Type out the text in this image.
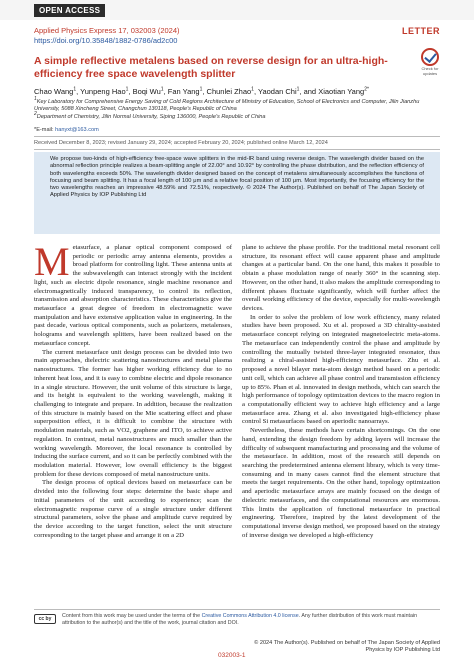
OPEN ACCESS
Applied Physics Express 17, 032003 (2024)
https://doi.org/10.35848/1882-0786/ad2c00
LETTER
Check for updates
A simple reflective metalens based on reverse design for an ultra-high-efficiency free space wavelength splitter
Chao Wang$^1$, Yunpeng Hao$^1$, Boqi Wu$^1$, Fan Yang$^1$, Chunlei Zhao$^1$, Yaodan Chi$^1$, and Xiaotian Yang$^{2*}$
$^1$Key Laboratory for Comprehensive Energy Saving of Cold Regions Architecture of Ministry of Education, School of Electronics and Computer, Jilin Jianzhu University, 5088 Xincheng Street, Changchun 130118, People's Republic of China
$^2$Department of Chemistry, Jilin Normal University, Siping 136000, People's Republic of China
*E-mail: hanyxt@163.com
Received December 8, 2023; revised January 29, 2024; accepted February 20, 2024; published online March 12, 2024

We propose two-kinds of high-efficiency free-space wave splitters in the mid-IR band using reverse design. The wavelength divider based on the abnormal reflection principle realizes a beam-splitting angle of 22.00° and 10.92° by controlling the phase distribution, and the reflection efficiency of both wavelengths exceeds 50%. The wavelength divider designed based on the concept of metalens simultaneously accomplishes the functions of focusing and beam splitting. It has a focal length of 100 μm and a relative focal position of 100 μm. Most importantly, the focusing efficiency for the two wavelengths reaches an impressive 48.59% and 72.51%, respectively. © 2024 The Author(s). Published on behalf of The Japan Society of Applied Physics by IOP Publishing Ltd

Metasurface, a planar optical component composed of periodic or periodic array antenna elements, provides a broad platform for controlling light. These antenna units at the subwavelength can interact strongly with the incident light, such as electric dipole resonance, single machine resonance and electromagnetically induced transparency, to control its reflection, transmission and absorption characteristics. These characteristics give the metasurface a great degree of freedom in electromagnetic wave manipulation and have extensive application value in engineering. In the past decade, various optical components, such as polarizers, metalenses, holograms and wavelength splitters, have been realized based on the metasurface concept.

The current metasurface unit design process can be divided into two main approaches, dielectric scattering nanostructures and metal plasma nanostructures. The former has higher working efficiency due to no inherent heat loss, and it is easy to combine electric and dipole resonance in a single structure. However, the unit volume of this structure is large, and its height is equivalent to the working wavelength, making it challenging to integrate and prepare. In addition, because the realization of this structure is mainly based on the Mie scattering effect and phase superposition effect, it is difficult to combine the structure with modulation materials, such as VO2, graphene and ITO, to achieve active regulation. In contrast, metal nanostructures are much smaller than the working wavelength. Moreover, the local resonance is controlled by inducing the surface current, and so it can be perfectly combined with the modulation material. However, low overall efficiency is the biggest problem for these devices composed of metal nanostructure units.

The design process of optical devices based on metasurface can be divided into the following four steps: determine the basic shape and initial parameters of the unit according to experience; scan the electromagnetic response curve of a single structure under different structural parameters, solve the phase and amplitude curve required by the device according to the target function, select the unit structure corresponding to the target phase and arrange it on a 2D

plane to achieve the phase profile. For the traditional metal resonant cell structure, its resonant effect will cause apparent phase and amplitude changes at a particular band. On the one hand, this makes it possible to obtain a phase modulation range of nearly 360° in the scanning step. However, on the other hand, it also makes the amplitude corresponding to different phases fluctuate significantly, which will further affect the overall working efficiency of the device, especially for multi-wavelength devices.

In order to solve the problem of low work efficiency, many related studies have been proposed. Xu et al. proposed a 3D chirality-assisted metasurface concept relying on integrated magnetoelectric meta-atoms. The metasurface can independently control the phase and amplitude by controlling the mutually twisted three-layer integrated resonator, thus realizing a chiral-assisted high-efficiency metasurface. Zhu et al. proposed a novel bilayer meta-atom design method based on a periodic unit cell, which can achieve all phase control and transmission efficiency up to 85%. Phan et al. innovated in design methods, which can search the high performance of topology optimization devices to the macro region in a computationally efficient way to achieve high efficiency and a large metasurface area. Zhang et al. also investigated high-efficiency phase control Si metasurfaces based on aperiodic nanoarrays.

Nevertheless, these methods have certain shortcomings. On the one hand, extending the design freedom by adding layers will increase the difficulty of subsequent manufacturing and processing and the volume of the metasurface. In addition, most of the research still depends on searching the predetermined antenna element library, which is very time-consuming and in many cases cannot find the element structure that meets the target requirements. On the other hand, topology optimization and aperiodic metasurface arrays are mainly focused on the design of dielectric metasurfaces, and the computational resources are enormous. This limits the application of functional metasurface in practical engineering. Therefore, inspired by the latest development of the computational inverse design method, we proposed based on the strategy of inverse design we developed a high-efficiency

cc by	Content from this work may be used under the terms of the Creative Commons Attribution 4.0 license. Any further distribution of this work must maintain attribution to the author(s) and the title of the work, journal citation and DOI.
© 2024 The Author(s). Published on behalf of The Japan Society of Applied Physics by IOP Publishing Ltd
032003-1
